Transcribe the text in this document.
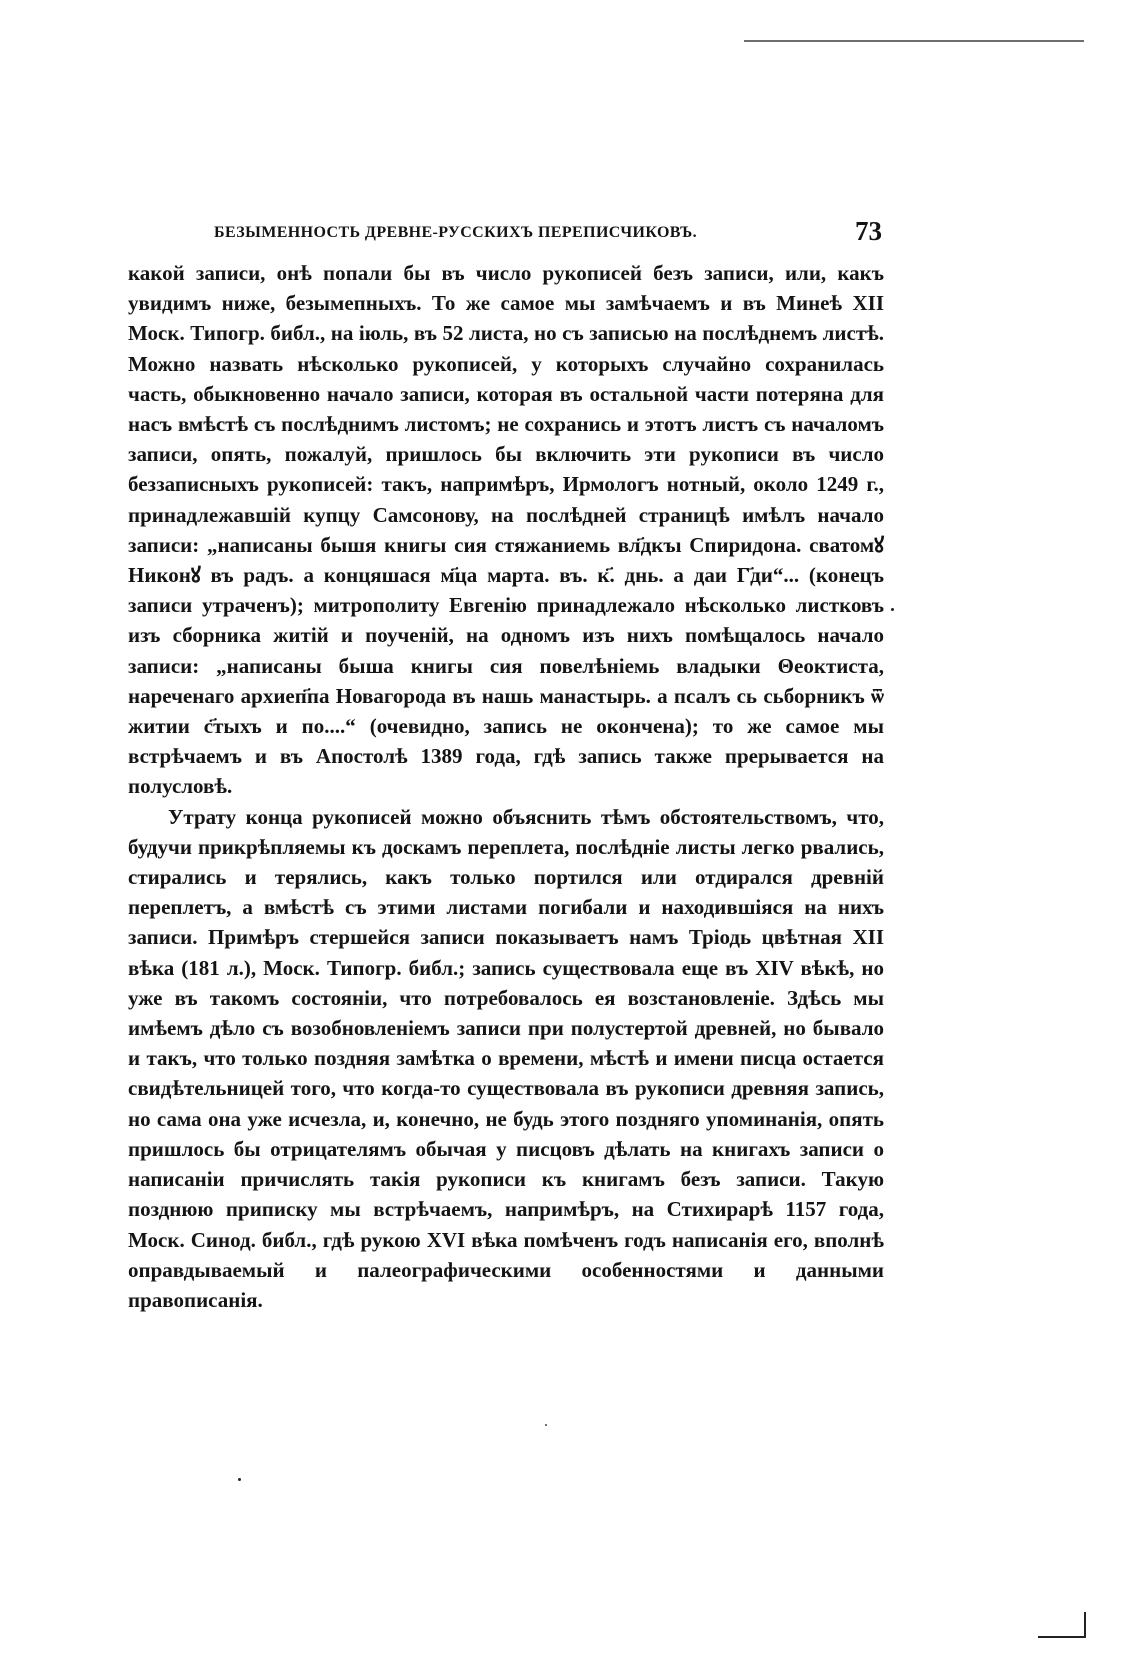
БЕЗЫМЕННОСТЬ ДРЕВНЕ-РУССКИХЪ ПЕРЕПИСЧИКОВЪ.	73

какой записи, онѣ попали бы въ число рукописей безъ записи, или, какъ увидимъ ниже, безымепныхъ. То же самое мы замѣчаемъ и въ Минеѣ XII Моск. Типогр. библ., на іюль, въ 52 листа, но съ записью на послѣднемъ листѣ. Можно назвать нѣсколько рукописей, у которыхъ случайно сохранилась часть, обыкновенно начало записи, которая въ остальной части потеряна для насъ вмѣстѣ съ послѣднимъ листомъ; не сохранись и этотъ листъ съ началомъ записи, опять, пожалуй, пришлось бы включить эти рукописи въ число беззаписныхъ рукописей: такъ, напримѣръ, Ирмологъ нотный, около 1249 г., принадлежавшій купцу Самсонову, на послѣдней страницѣ имѣлъ начало записи: „написаны бышя книгы сия стяжаниемь вл҃дкъı Спиридона. сватомꙋ Никонꙋ въ радъ. а концяшася м҃ца марта. въ. к҃. днь. а даи Г҃ди“... (конецъ записи утраченъ); митрополиту Евгенію принадлежало нѣсколько листковъ изъ сборника житій и поученій, на одномъ изъ нихъ помѣщалось начало записи: „написаны быша книгы сия повелѣніемь владыки Θеоктиста, нареченаго архиеп҃па Новагорода въ нашь манастырь. а псалъ сь сьборникъ ѿ житии с҃тыхъ и по....“ (очевидно, запись не окончена); то же самое мы встрѣчаемъ и въ Апостолѣ 1389 года, гдѣ запись также прерывается на полусловѣ.

Утрату конца рукописей можно объяснить тѣмъ обстоятельствомъ, что, будучи прикрѣпляемы къ доскамъ переплета, послѣдніе листы легко рвались, стирались и терялись, какъ только портился или отдирался древній переплетъ, а вмѣстѣ съ этими листами погибали и находившіяся на нихъ записи. Примѣръ стершейся записи показываетъ намъ Тріодь цвѣтная XII вѣка (181 л.), Моск. Типогр. библ.; запись существовала еще въ XIV вѣкѣ, но уже въ такомъ состояніи, что потребовалось ея возстановленіе. Здѣсь мы имѣемъ дѣло съ возобновленіемъ записи при полустертой древней, но бывало и такъ, что только поздняя замѣтка о времени, мѣстѣ и имени писца остается свидѣтельницей того, что когда-то существовала въ рукописи древняя запись, но сама она уже исчезла, и, конечно, не будь этого поздняго упоминанія, опять пришлось бы отрицателямъ обычая у писцовъ дѣлать на книгахъ записи о написаніи причислять такія рукописи къ книгамъ безъ записи. Такую позднюю приписку мы встрѣчаемъ, напримѣръ, на Стихирарѣ 1157 года, Моск. Синод. библ., гдѣ рукою XVI вѣка помѣченъ годъ написанія его, вполнѣ оправдываемый и палеографическими особенностями и данными правописанія.
